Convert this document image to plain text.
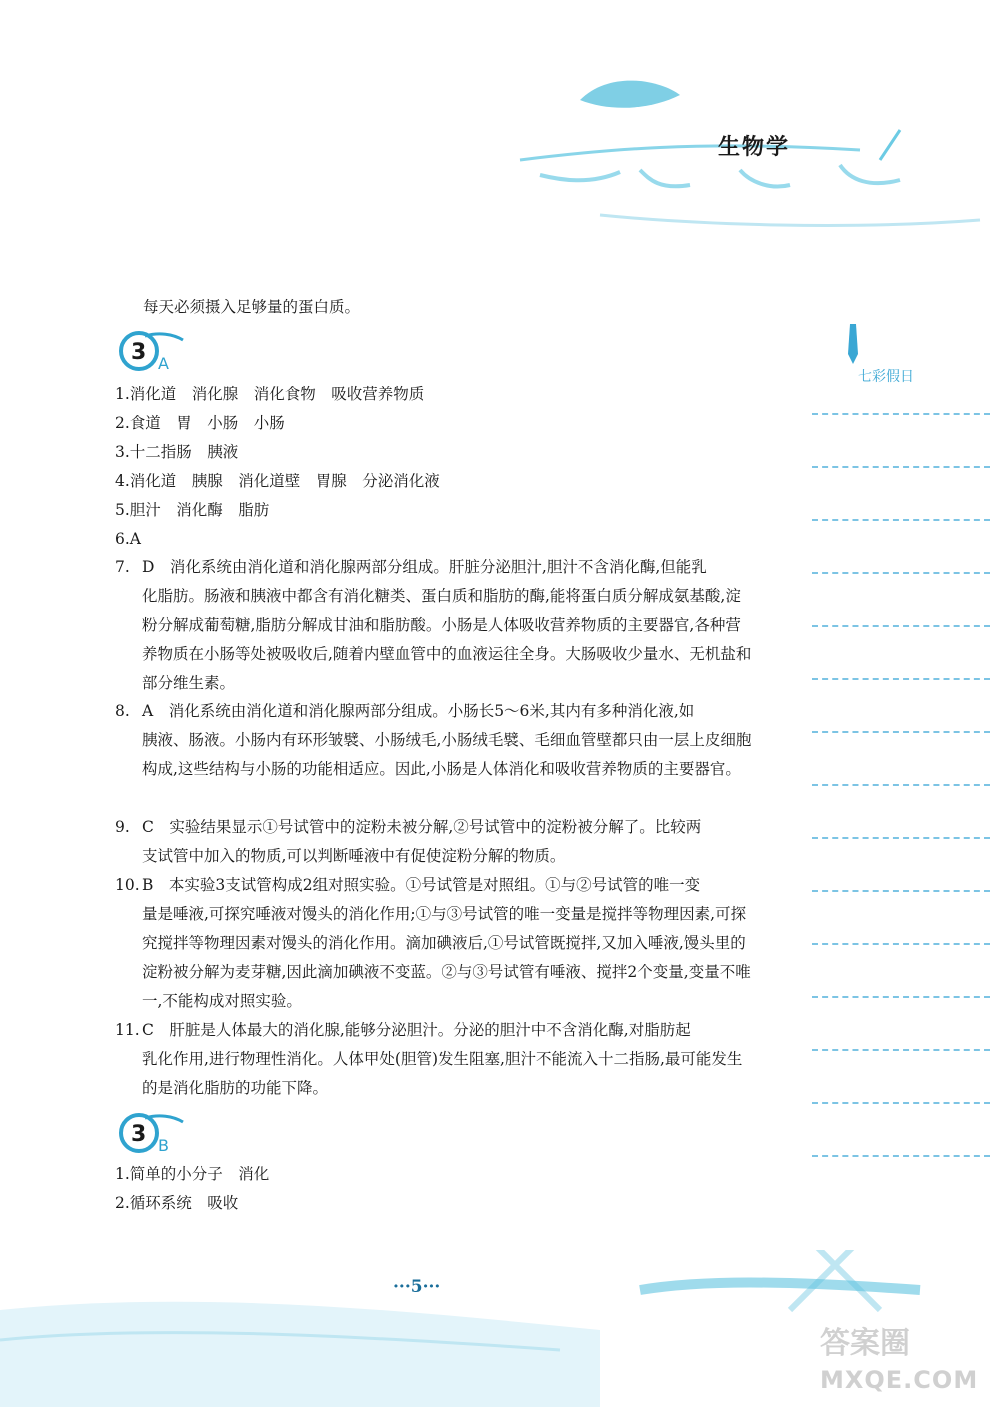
生物学
七彩假日
每天必须摄入足够量的蛋白质。
3 A
1.消化道　消化腺　消化食物　吸收营养物质
2.食道　胃　小肠　小肠
3.十二指肠　胰液
4.消化道　胰腺　消化道壁　胃腺　分泌消化液
5.胆汁　消化酶　脂肪
6.A
7. D　消化系统由消化道和消化腺两部分组成。肝脏分泌胆汁,胆汁不含消化酶,但能乳
化脂肪。肠液和胰液中都含有消化糖类、蛋白质和脂肪的酶,能将蛋白质分解成氨基酸,淀粉分解成葡萄糖,脂肪分解成甘油和脂肪酸。小肠是人体吸收营养物质的主要器官,各种营养物质在小肠等处被吸收后,随着内壁血管中的血液运往全身。大肠吸收少量水、无机盐和部分维生素。
8. A　消化系统由消化道和消化腺两部分组成。小肠长5～6米,其内有多种消化液,如
胰液、肠液。小肠内有环形皱襞、小肠绒毛,小肠绒毛襞、毛细血管壁都只由一层上皮细胞构成,这些结构与小肠的功能相适应。因此,小肠是人体消化和吸收营养物质的主要器官。
9. C　实验结果显示①号试管中的淀粉未被分解,②号试管中的淀粉被分解了。比较两
支试管中加入的物质,可以判断唾液中有促使淀粉分解的物质。
10. B　本实验3支试管构成2组对照实验。①号试管是对照组。①与②号试管的唯一变
量是唾液,可探究唾液对馒头的消化作用;①与③号试管的唯一变量是搅拌等物理因素,可探究搅拌等物理因素对馒头的消化作用。滴加碘液后,①号试管既搅拌,又加入唾液,馒头里的淀粉被分解为麦芽糖,因此滴加碘液不变蓝。②与③号试管有唾液、搅拌2个变量,变量不唯一,不能构成对照实验。
11. C　肝脏是人体最大的消化腺,能够分泌胆汁。分泌的胆汁中不含消化酶,对脂肪起
乳化作用,进行物理性消化。人体甲处(胆管)发生阻塞,胆汁不能流入十二指肠,最可能发生的是消化脂肪的功能下降。
3 B
1.简单的小分子　消化
2.循环系统　吸收
···5···
答案圈
MXQE.COM
